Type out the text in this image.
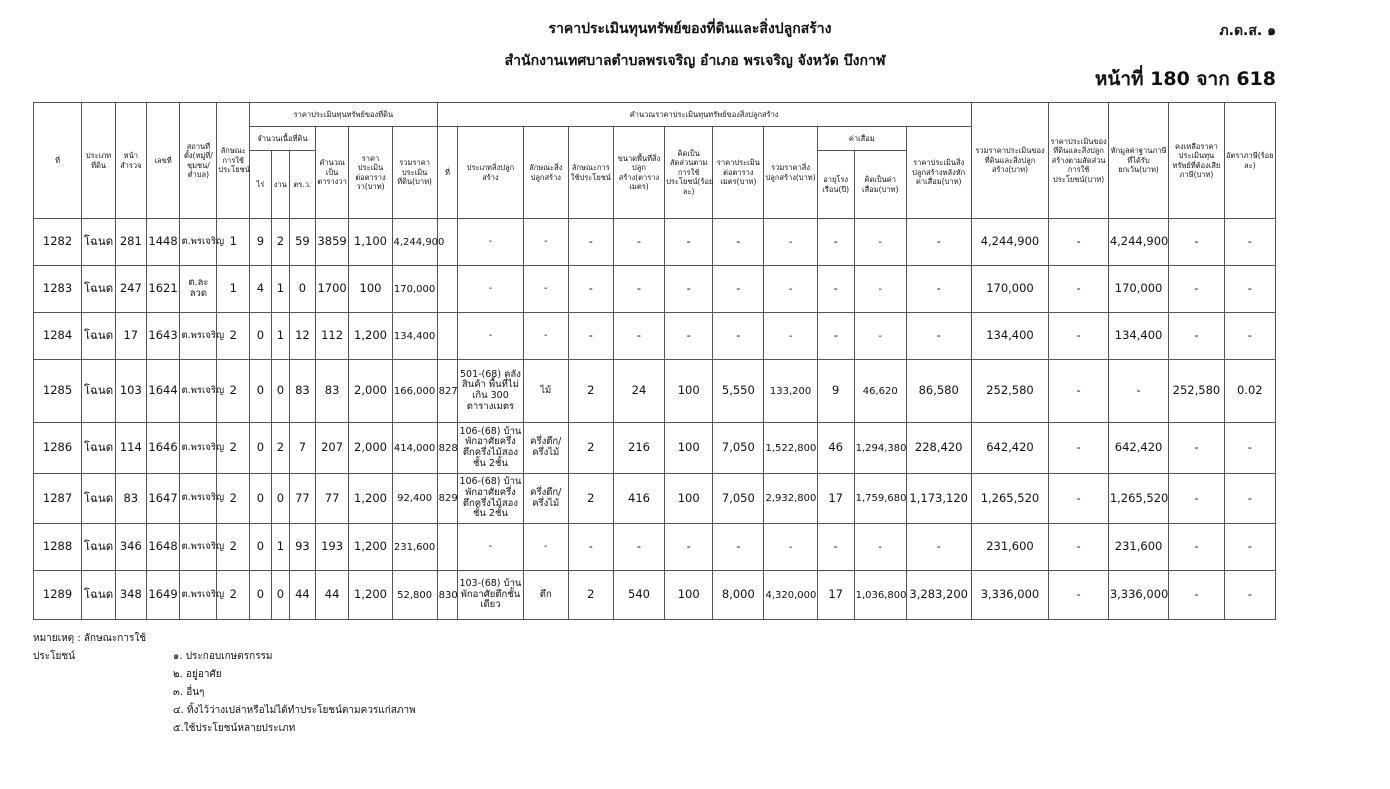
ราคาประเมินทุนทรัพย์ของที่ดินและสิ่งปลูกสร้าง
สำนักงานเทศบาลตำบลพรเจริญ อำเภอ พรเจริญ จังหวัด บึงกาฬ
ภ.ด.ส. ๑
หน้าที่ 180 จาก 618
ที่	ประเภทที่ดิน	หน้าสำรวจ	เลขที่	สถานที่ตั้ง(หมู่ที่/ชุมชน/ตำบล)	ลักษณะการใช้ประโยชน์	ราคาประเมินทุนทรัพย์ของที่ดิน						คำนวณราคาประเมินทุนทรัพย์ของสิ่งปลูกสร้าง											รวมราคาประเมินของที่ดินและสิ่งปลูกสร้าง(บาท)	ราคาประเมินของที่ดินและสิ่งปลูกสร้างตามสัดส่วนการใช้ประโยชน์(บาท)	หักมูลค่าฐานภาษีที่ได้รับยกเว้น(บาท)	คงเหลือราคาประเมินทุนทรัพย์ที่ต้องเสียภาษี(บาท)	อัตราภาษี(ร้อยละ)
						จำนวนเนื้อที่ดิน			คำนวณเป็นตารางวา	ราคาประเมินต่อตารางวา(บาท)	รวมราคาประเมินที่ดิน(บาท)	ที่	ประเภทสิ่งปลูกสร้าง	ลักษณะสิ่งปลูกสร้าง	ลักษณะการใช้ประโยชน์	ขนาดพื้นที่สิ่งปลูกสร้าง(ตารางเมตร)	คิดเป็นสัดส่วนตามการใช้ประโยชน์(ร้อยละ)	ราคาประเมินต่อตารางเมตร(บาท)	รวมราคาสิ่งปลูกสร้าง(บาท)	ค่าเสื่อม		ราคาประเมินสิ่งปลูกสร้างหลังหักค่าเสื่อม(บาท)					
						ไร่	งาน	ตร.ว.												อายุโรงเรือน(ปี)	คิดเป็นค่าเสื่อม(บาท)						
1282	โฉนด	281	1448	ต.พรเจริญ	1	9	2	59	3859	1,100	4,244,900		-	-	-	-	-	-	-	-	-	-	4,244,900	-	4,244,900	-	-
1283	โฉนด	247	1621	ต.ละลวด	1	4	1	0	1700	100	170,000		-	-	-	-	-	-	-	-	-	-	170,000	-	170,000	-	-
1284	โฉนด	17	1643	ต.พรเจริญ	2	0	1	12	112	1,200	134,400		-	-	-	-	-	-	-	-	-	-	134,400	-	134,400	-	-
1285	โฉนด	103	1644	ต.พรเจริญ	2	0	0	83	83	2,000	166,000	827	501-(68) คลังสินค้า พื้นที่ไม่เกิน 300 ตารางเมตร	ไม้	2	24	100	5,550	133,200	9	46,620	86,580	252,580	-	-	252,580	0.02
1286	โฉนด	114	1646	ต.พรเจริญ	2	0	2	7	207	2,000	414,000	828	106-(68) บ้านพักอาศัยครึ่งตึกครึ่งไม้สองชั้น 2ชั้น	ครึ่งตึก/ครึ่งไม้	2	216	100	7,050	1,522,800	46	1,294,380	228,420	642,420	-	642,420	-	-
1287	โฉนด	83	1647	ต.พรเจริญ	2	0	0	77	77	1,200	92,400	829	106-(68) บ้านพักอาศัยครึ่งตึกครึ่งไม้สองชั้น 2ชั้น	ครึ่งตึก/ครึ่งไม้	2	416	100	7,050	2,932,800	17	1,759,680	1,173,120	1,265,520	-	1,265,520	-	-
1288	โฉนด	346	1648	ต.พรเจริญ	2	0	1	93	193	1,200	231,600		-	-	-	-	-	-	-	-	-	-	231,600	-	231,600	-	-
1289	โฉนด	348	1649	ต.พรเจริญ	2	0	0	44	44	1,200	52,800	830	103-(68) บ้านพักอาศัยตึกชั้นเดียว	ตึก	2	540	100	8,000	4,320,000	17	1,036,800	3,283,200	3,336,000	-	3,336,000	-	-
หมายเหตุ : ลักษณะการใช้ประโยชน์	๑. ประกอบเกษตรกรรม
๒. อยู่อาศัย
๓. อื่นๆ
๔. ทิ้งไว้ว่างเปล่าหรือไม่ได้ทำประโยชน์ตามควรแก่สภาพ
๕.ใช้ประโยชน์หลายประเภท
